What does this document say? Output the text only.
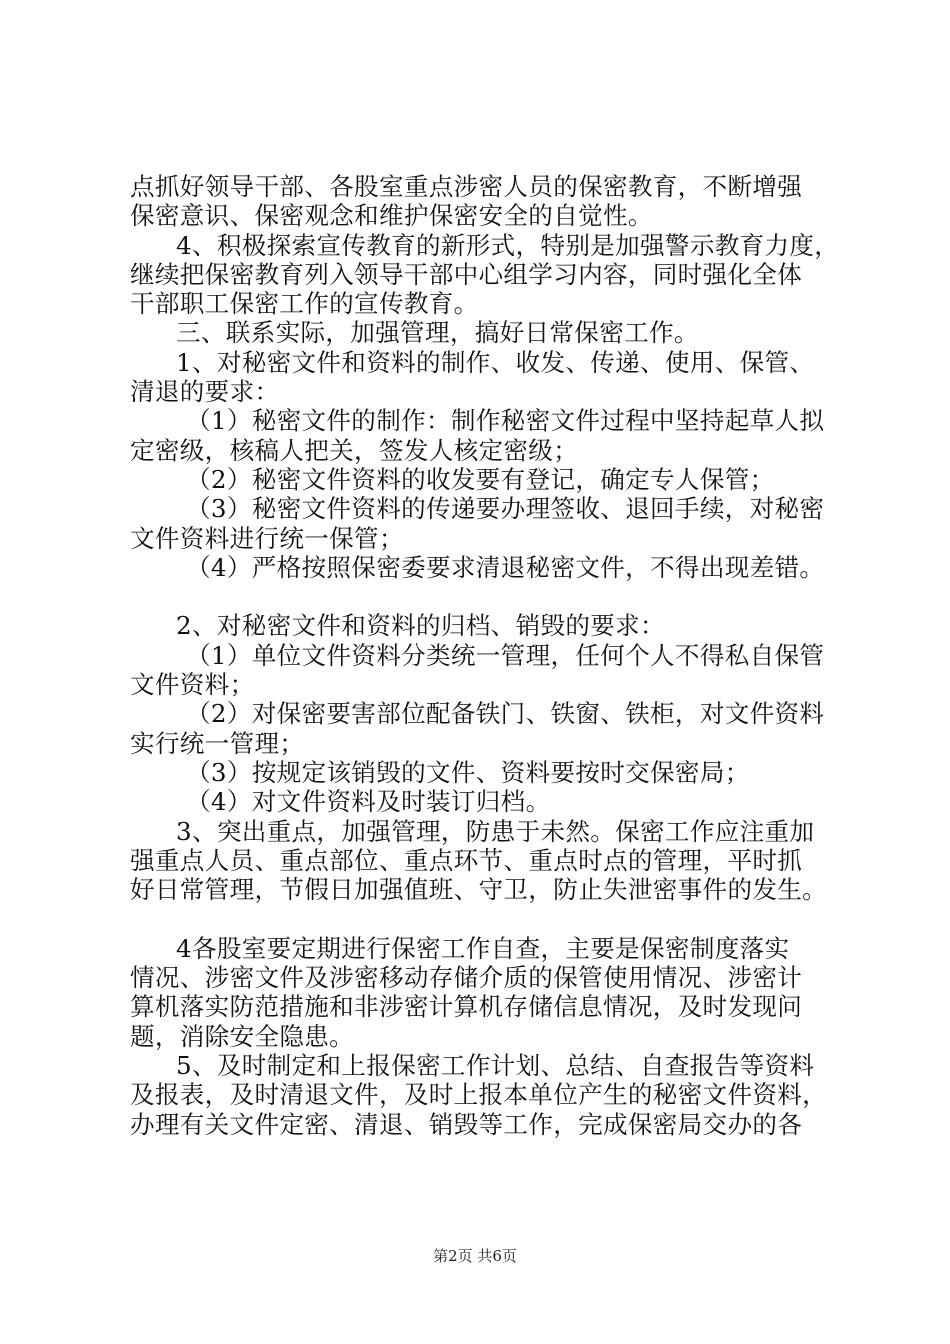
点抓好领导干部、各股室重点涉密人员的保密教育，不断增强
保密意识、保密观念和维护保密安全的自觉性。
4、积极探索宣传教育的新形式，特别是加强警示教育力度，
继续把保密教育列入领导干部中心组学习内容，同时强化全体
干部职工保密工作的宣传教育。
三、联系实际，加强管理，搞好日常保密工作。
1、对秘密文件和资料的制作、收发、传递、使用、保管、
清退的要求：
（1）秘密文件的制作：制作秘密文件过程中坚持起草人拟
定密级，核稿人把关，签发人核定密级；
（2）秘密文件资料的收发要有登记，确定专人保管；
（3）秘密文件资料的传递要办理签收、退回手续，对秘密
文件资料进行统一保管；
（4）严格按照保密委要求清退秘密文件，不得出现差错。
2、对秘密文件和资料的归档、销毁的要求：
（1）单位文件资料分类统一管理，任何个人不得私自保管
文件资料；
（2）对保密要害部位配备铁门、铁窗、铁柜，对文件资料
实行统一管理；
（3）按规定该销毁的文件、资料要按时交保密局；
（4）对文件资料及时装订归档。
3、突出重点，加强管理，防患于未然。保密工作应注重加
强重点人员、重点部位、重点环节、重点时点的管理，平时抓
好日常管理，节假日加强值班、守卫，防止失泄密事件的发生。
4各股室要定期进行保密工作自查，主要是保密制度落实
情况、涉密文件及涉密移动存储介质的保管使用情况、涉密计
算机落实防范措施和非涉密计算机存储信息情况，及时发现问
题，消除安全隐患。
5、及时制定和上报保密工作计划、总结、自查报告等资料
及报表，及时清退文件，及时上报本单位产生的秘密文件资料，
办理有关文件定密、清退、销毁等工作，完成保密局交办的各
第2页 共6页
